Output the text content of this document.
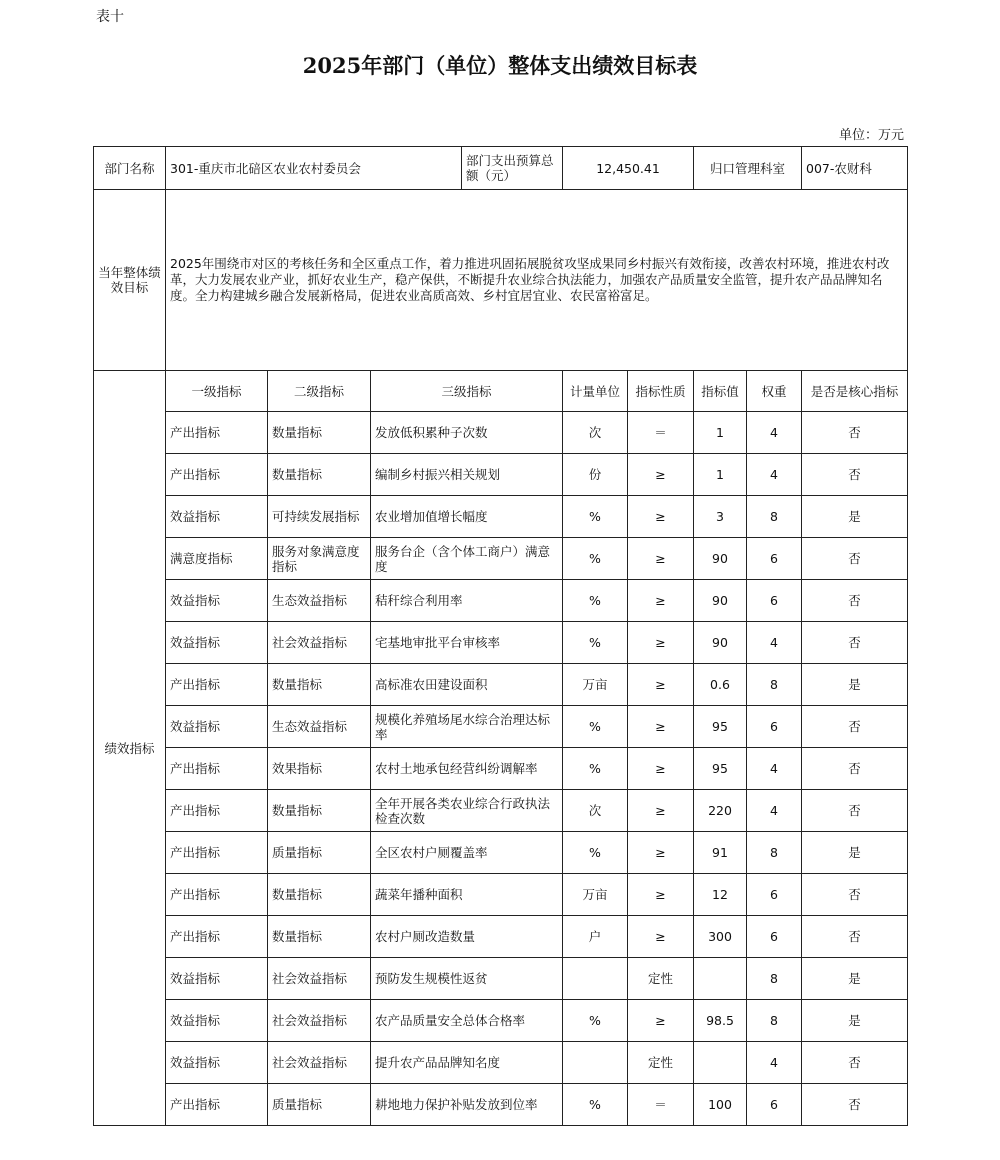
表十
2025年部门（单位）整体支出绩效目标表
单位：万元
部门名称	301-重庆市北碚区农业农村委员会			部门支出预算总额（元）	12,450.41		归口管理科室		007-农财科
当年整体绩效目标	2025年围绕市对区的考核任务和全区重点工作，着力推进巩固拓展脱贫攻坚成果同乡村振兴有效衔接，改善农村环境，推进农村改革，大力发展农业产业，抓好农业生产，稳产保供，不断提升农业综合执法能力，加强农产品质量安全监管，提升农产品品牌知名度。全力构建城乡融合发展新格局，促进农业高质高效、乡村宜居宜业、农民富裕富足。								
绩效指标	一级指标	二级指标	三级指标		计量单位	指标性质	指标值	权重	是否是核心指标
	产出指标	数量指标	发放低积累种子次数		次	＝	1	4	否
	产出指标	数量指标	编制乡村振兴相关规划		份	≥	1	4	否
	效益指标	可持续发展指标	农业增加值增长幅度		%	≥	3	8	是
	满意度指标	服务对象满意度指标	服务台企（含个体工商户）满意度		%	≥	90	6	否
	效益指标	生态效益指标	秸秆综合利用率		%	≥	90	6	否
	效益指标	社会效益指标	宅基地审批平台审核率		%	≥	90	4	否
	产出指标	数量指标	高标准农田建设面积		万亩	≥	0.6	8	是
	效益指标	生态效益指标	规模化养殖场尾水综合治理达标率		%	≥	95	6	否
	产出指标	效果指标	农村土地承包经营纠纷调解率		%	≥	95	4	否
	产出指标	数量指标	全年开展各类农业综合行政执法检查次数		次	≥	220	4	否
	产出指标	质量指标	全区农村户厕覆盖率		%	≥	91	8	是
	产出指标	数量指标	蔬菜年播种面积		万亩	≥	12	6	否
	产出指标	数量指标	农村户厕改造数量		户	≥	300	6	否
	效益指标	社会效益指标	预防发生规模性返贫			定性		8	是
	效益指标	社会效益指标	农产品质量安全总体合格率		%	≥	98.5	8	是
	效益指标	社会效益指标	提升农产品品牌知名度			定性		4	否
	产出指标	质量指标	耕地地力保护补贴发放到位率		%	＝	100	6	否
